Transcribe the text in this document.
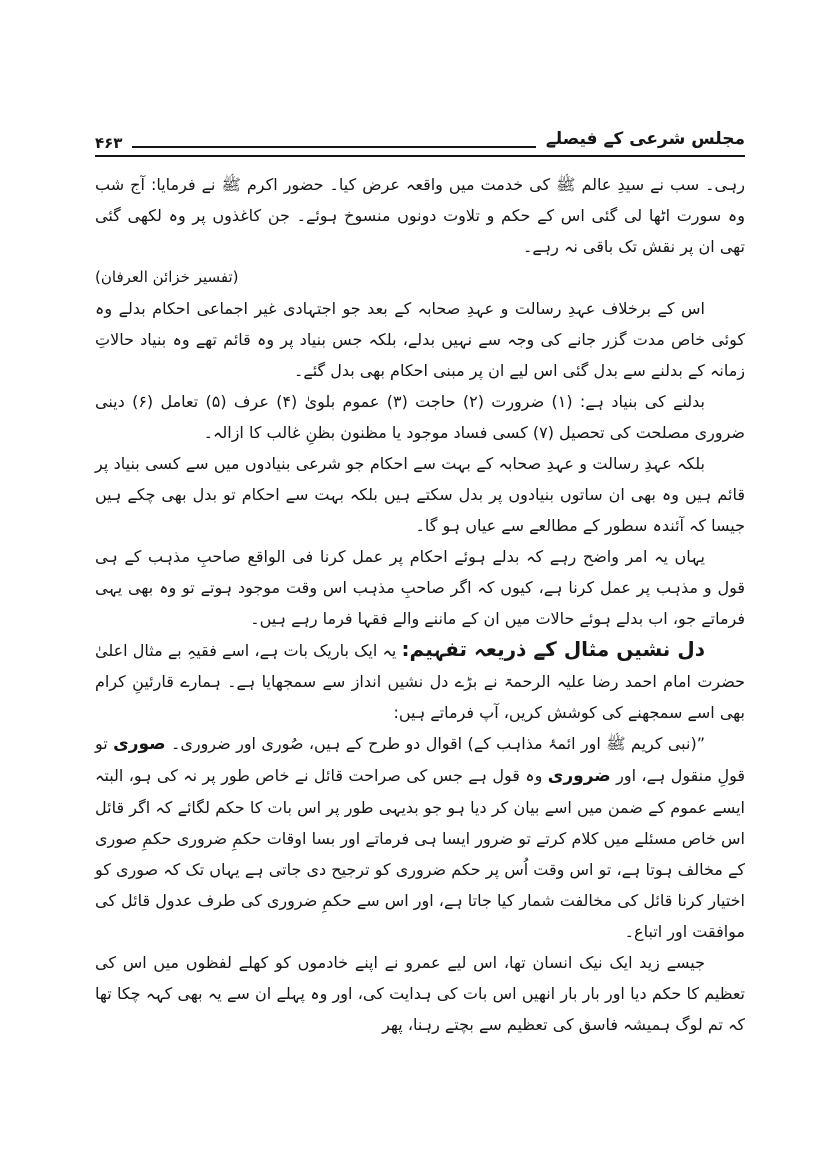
مجلس شرعی کے فیصلے
۴۶۳

رہی۔ سب نے سیدِ عالم ﷺ کی خدمت میں واقعہ عرض کیا۔ حضور اکرم ﷺ نے فرمایا: آج شب وہ سورت اٹھا لی گئی اس کے حکم و تلاوت دونوں منسوخ ہوئے۔ جن کاغذوں پر وہ لکھی گئی تھی ان پر نقش تک باقی نہ رہے۔

(تفسیر خزائن العرفان)

اس کے برخلاف عہدِ رسالت و عہدِ صحابہ کے بعد جو اجتہادی غیر اجماعی احکام بدلے وہ کوئی خاص مدت گزر جانے کی وجہ سے نہیں بدلے، بلکہ جس بنیاد پر وہ قائم تھے وہ بنیاد حالاتِ زمانہ کے بدلنے سے بدل گئی اس لیے ان پر مبنی احکام بھی بدل گئے۔

بدلنے کی بنیاد ہے: (۱) ضرورت (۲) حاجت (۳) عموم بلویٰ (۴) عرف (۵) تعامل (۶) دینی ضروری مصلحت کی تحصیل (۷) کسی فساد موجود یا مظنون بظنِ غالب کا ازالہ۔

بلکہ عہدِ رسالت و عہدِ صحابہ کے بہت سے احکام جو شرعی بنیادوں میں سے کسی بنیاد پر قائم ہیں وہ بھی ان ساتوں بنیادوں پر بدل سکتے ہیں بلکہ بہت سے احکام تو بدل بھی چکے ہیں جیسا کہ آئندہ سطور کے مطالعے سے عیاں ہو گا۔

یہاں یہ امر واضح رہے کہ بدلے ہوئے احکام پر عمل کرنا فی الواقع صاحبِ مذہب کے ہی قول و مذہب پر عمل کرنا ہے، کیوں کہ اگر صاحبِ مذہب اس وقت موجود ہوتے تو وہ بھی یہی فرماتے جو، اب بدلے ہوئے حالات میں ان کے ماننے والے فقہا فرما رہے ہیں۔

دل نشیں مثال کے ذریعہ تفہیم: یہ ایک باریک بات ہے، اسے فقیہِ بے مثال اعلیٰ حضرت امام احمد رضا علیہ الرحمۃ نے بڑے دل نشیں انداز سے سمجھایا ہے۔ ہمارے قارئینِ کرام بھی اسے سمجھنے کی کوشش کریں، آپ فرماتے ہیں:

”(نبی کریم ﷺ اور ائمۂ مذاہب کے) اقوال دو طرح کے ہیں، صُوری اور ضروری۔ صوری تو قولِ منقول ہے، اور ضروری وہ قول ہے جس کی صراحت قائل نے خاص طور پر نہ کی ہو، البتہ ایسے عموم کے ضمن میں اسے بیان کر دیا ہو جو بدیہی طور پر اس بات کا حکم لگائے کہ اگر قائل اس خاص مسئلے میں کلام کرتے تو ضرور ایسا ہی فرماتے اور بسا اوقات حکمِ ضروری حکمِ صوری کے مخالف ہوتا ہے، تو اس وقت اُس پر حکم ضروری کو ترجیح دی جاتی ہے یہاں تک کہ صوری کو اختیار کرنا قائل کی مخالفت شمار کیا جاتا ہے، اور اس سے حکمِ ضروری کی طرف عدول قائل کی موافقت اور اتباع۔

جیسے زید ایک نیک انسان تھا، اس لیے عمرو نے اپنے خادموں کو کھلے لفظوں میں اس کی تعظیم کا حکم دیا اور بار بار انھیں اس بات کی ہدایت کی، اور وہ پہلے ان سے یہ بھی کہہ چکا تھا کہ تم لوگ ہمیشہ فاسق کی تعظیم سے بچتے رہنا، پھر
